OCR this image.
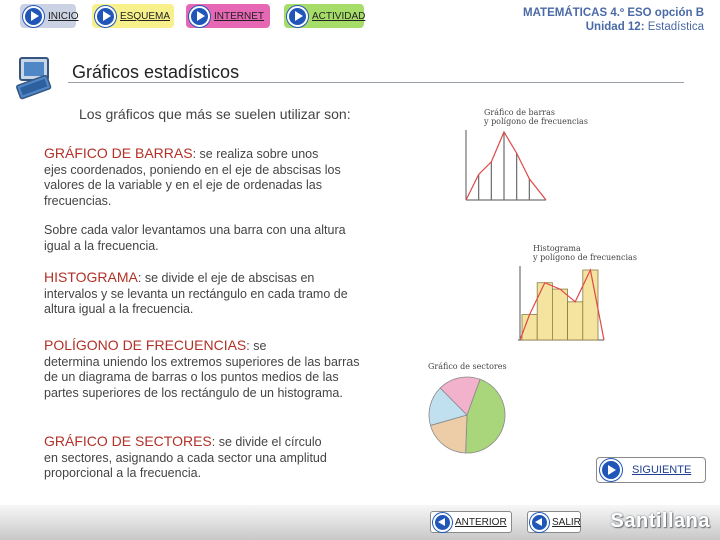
INICIO	ESQUEMA	INTERNET	ACTIVIDAD	MATEMÁTICAS 4.º ESO opción B
Unidad 12: Estadística
Gráficos estadísticos
Los gráficos que más se suelen utilizar son:
GRÁFICO DE BARRAS: se realiza sobre unos
ejes coordenados, poniendo en el eje de abscisas los valores de la variable y en el eje de ordenadas las frecuencias.
Sobre cada valor levantamos una barra con una altura igual a la frecuencia.
HISTOGRAMA: se divide el eje de abscisas en
intervalos y se levanta un rectángulo en cada tramo de altura igual a la frecuencia.
POLÍGONO DE FRECUENCIAS: se
determina uniendo los extremos superiores de las barras de un diagrama de barras o los puntos medios de las partes superiores de los rectángulo de un histograma.
GRÁFICO DE SECTORES: se divide el círculo
en sectores, asignando a cada sector una amplitud proporcional a la frecuencia.
Gráfico de barras
y polígono de frecuencias
Histograma
y polígono de frecuencias
Gráfico de sectores
SIGUIENTE
ANTERIOR	SALIR Santillana
